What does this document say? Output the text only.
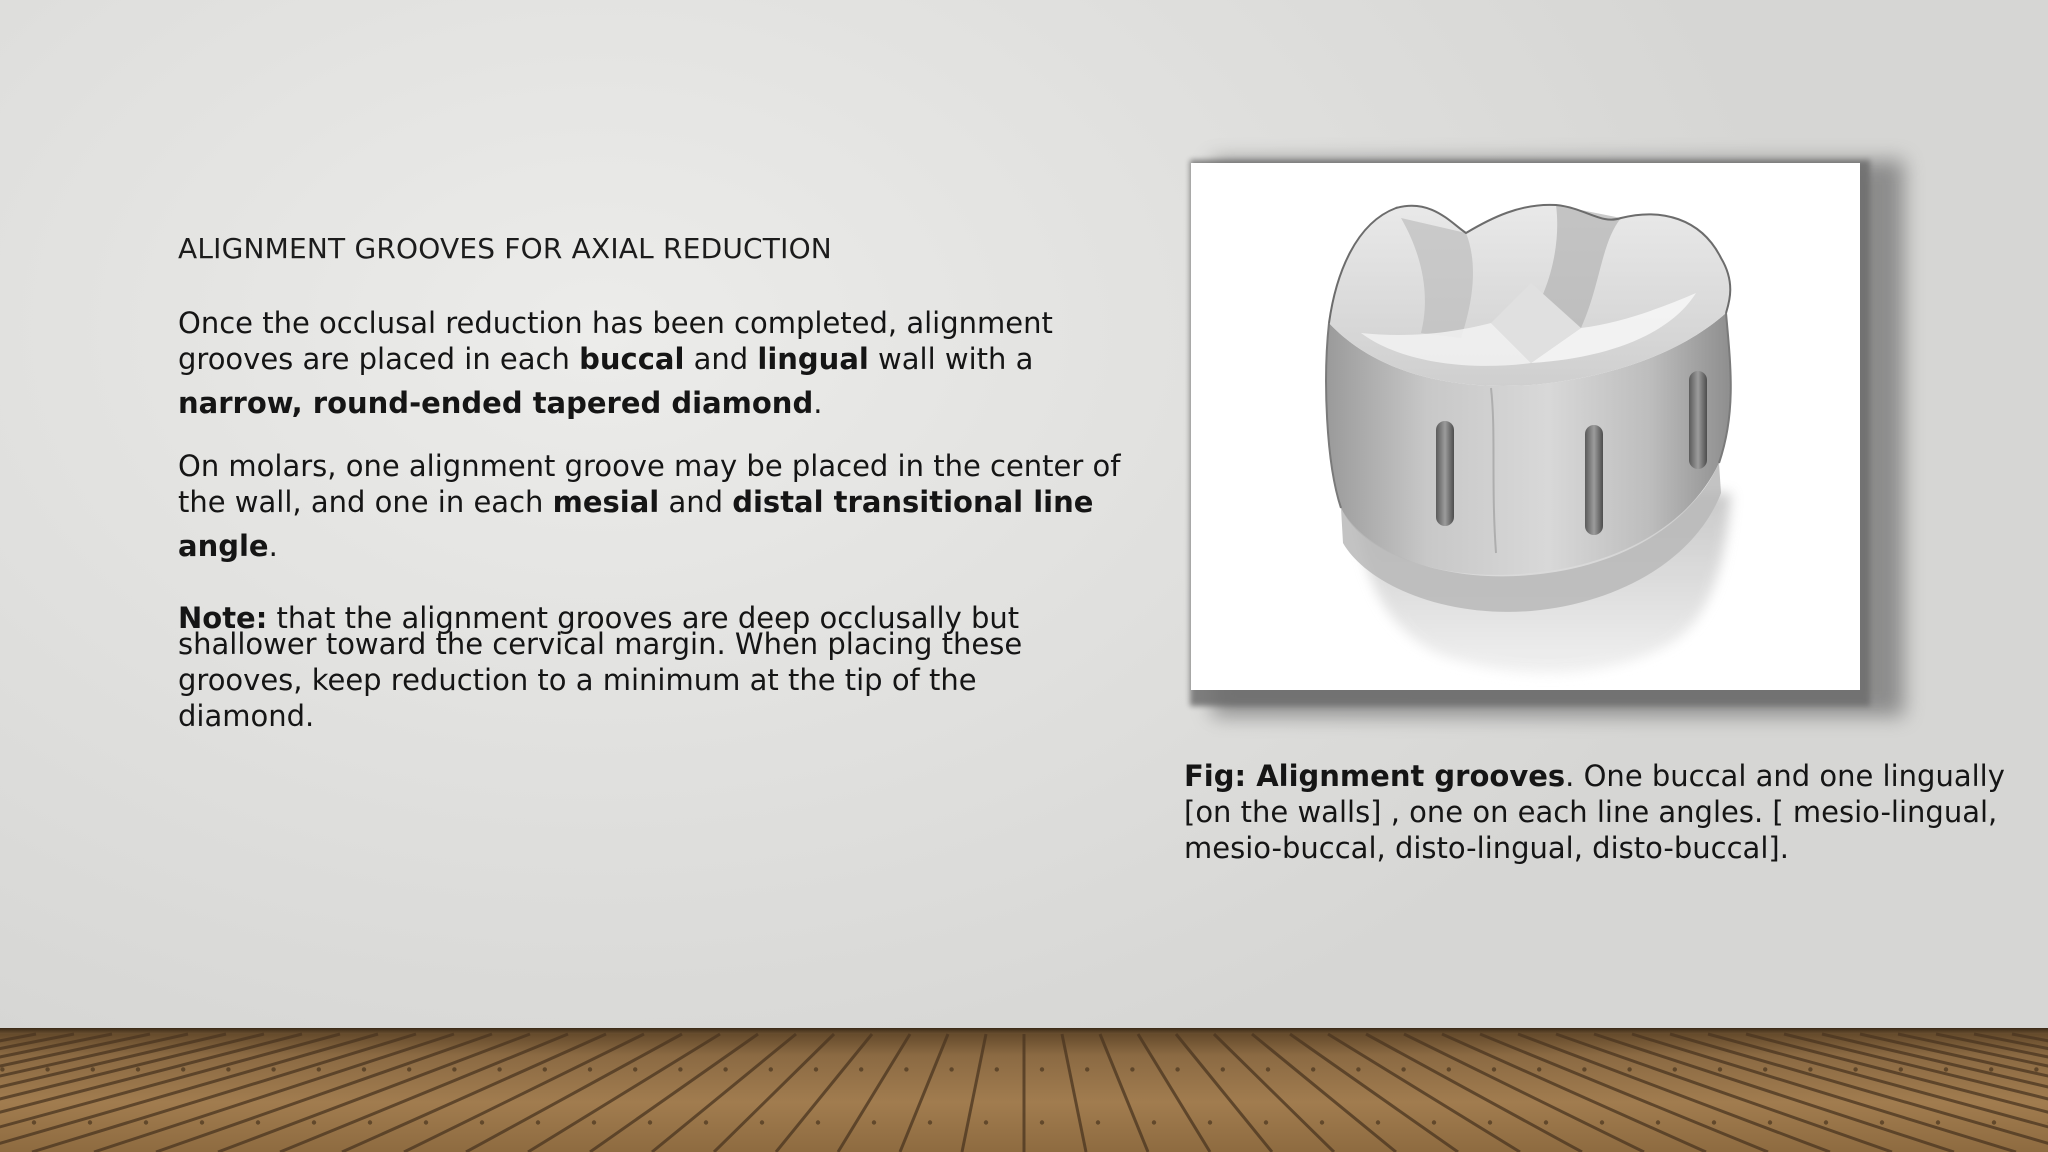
ALIGNMENT GROOVES FOR AXIAL REDUCTION
Once the occlusal reduction has been completed, alignment
grooves are placed in each buccal and lingual wall with a
narrow, round-ended tapered diamond.
On molars, one alignment groove may be placed in the center of
the wall, and one in each mesial and distal transitional line
angle.
Note: that the alignment grooves are deep occlusally but
shallower toward the cervical margin. When placing these
grooves, keep reduction to a minimum at the tip of the
diamond.
Fig: Alignment grooves. One buccal and one lingually
[on the walls] , one on each line angles. [ mesio-lingual,
mesio-buccal, disto-lingual, disto-buccal].
